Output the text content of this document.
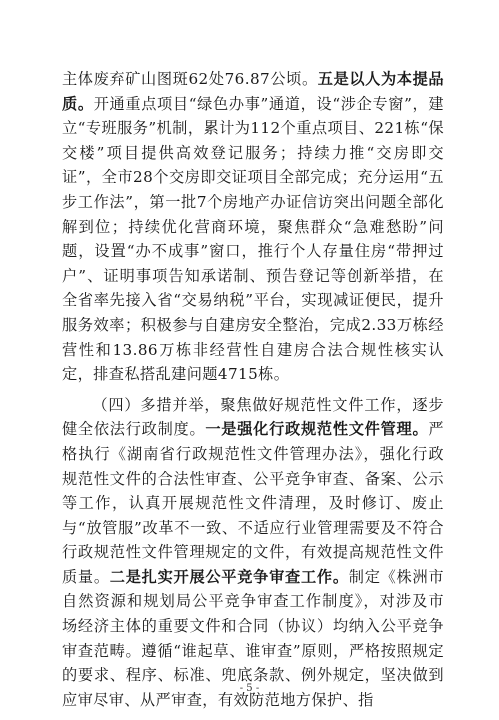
主体废弃矿山图斑62处76.87公顷。五是以人为本提品质。开通重点项目“绿色办事”通道，设“涉企专窗”，建立“专班服务”机制，累计为112个重点项目、221栋“保交楼”项目提供高效登记服务；持续力推“交房即交证”，全市28个交房即交证项目全部完成；充分运用“五步工作法”，第一批7个房地产办证信访突出问题全部化解到位；持续优化营商环境，聚焦群众“急难愁盼”问题，设置“办不成事”窗口，推行个人存量住房“带押过户”、证明事项告知承诺制、预告登记等创新举措，在全省率先接入省“交易纳税”平台，实现减证便民，提升服务效率；积极参与自建房安全整治，完成2.33万栋经营性和13.86万栋非经营性自建房合法合规性核实认定，排查私搭乱建问题4715栋。

（四）多措并举，聚焦做好规范性文件工作，逐步健全依法行政制度。一是强化行政规范性文件管理。严格执行《湖南省行政规范性文件管理办法》，强化行政规范性文件的合法性审查、公平竞争审查、备案、公示等工作，认真开展规范性文件清理，及时修订、废止与“放管服”改革不一致、不适应行业管理需要及不符合行政规范性文件管理规定的文件，有效提高规范性文件质量。二是扎实开展公平竞争审查工作。制定《株洲市自然资源和规划局公平竞争审查工作制度》，对涉及市场经济主体的重要文件和合同（协议）均纳入公平竞争审查范畴。遵循“谁起草、谁审查”原则，严格按照规定的要求、程序、标准、兜底条款、例外规定，坚决做到应审尽审、从严审查，有效防范地方保护、指

- 5 -
